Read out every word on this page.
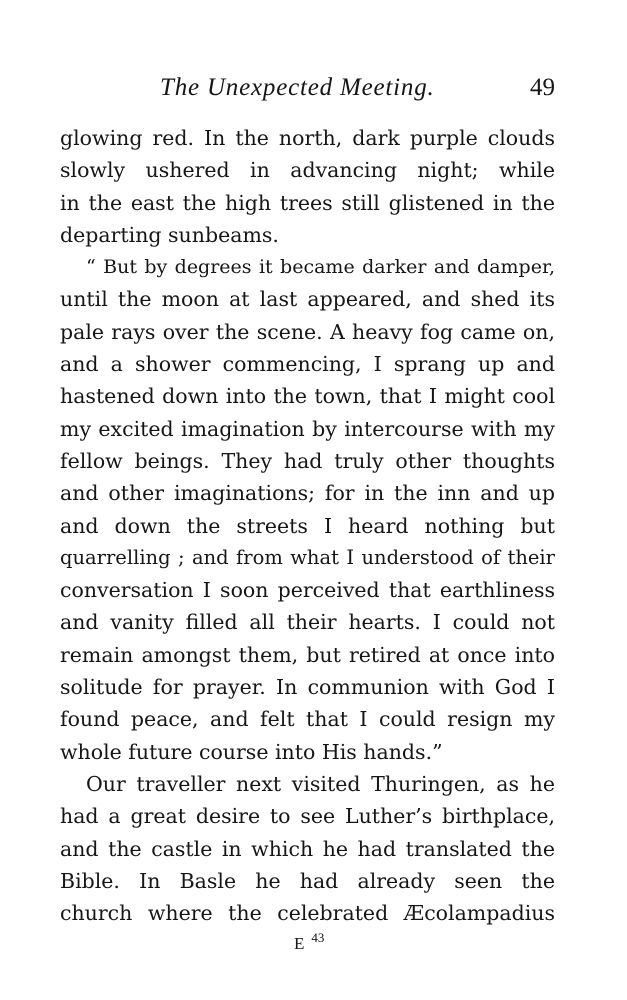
The Unexpected Meeting.	49
glowing red. In the north, dark purple clouds
slowly ushered in advancing night; while
in the east the high trees still glistened in the
departing sunbeams.
“ But by degrees it became darker and damper,
until the moon at last appeared, and shed its
pale rays over the scene. A heavy fog came on,
and a shower commencing, I sprang up and
hastened down into the town, that I might cool
my excited imagination by intercourse with my
fellow beings. They had truly other thoughts
and other imaginations; for in the inn and up
and down the streets I heard nothing but
quarrelling ; and from what I understood of their
conversation I soon perceived that earthliness
and vanity filled all their hearts. I could not
remain amongst them, but retired at once into
solitude for prayer. In communion with God I
found peace, and felt that I could resign my
whole future course into His hands.”
Our traveller next visited Thuringen, as he
had a great desire to see Luther’s birthplace,
and the castle in which he had translated the
Bible. In Basle he had already seen the
church where the celebrated Æcolampadius
E 43
